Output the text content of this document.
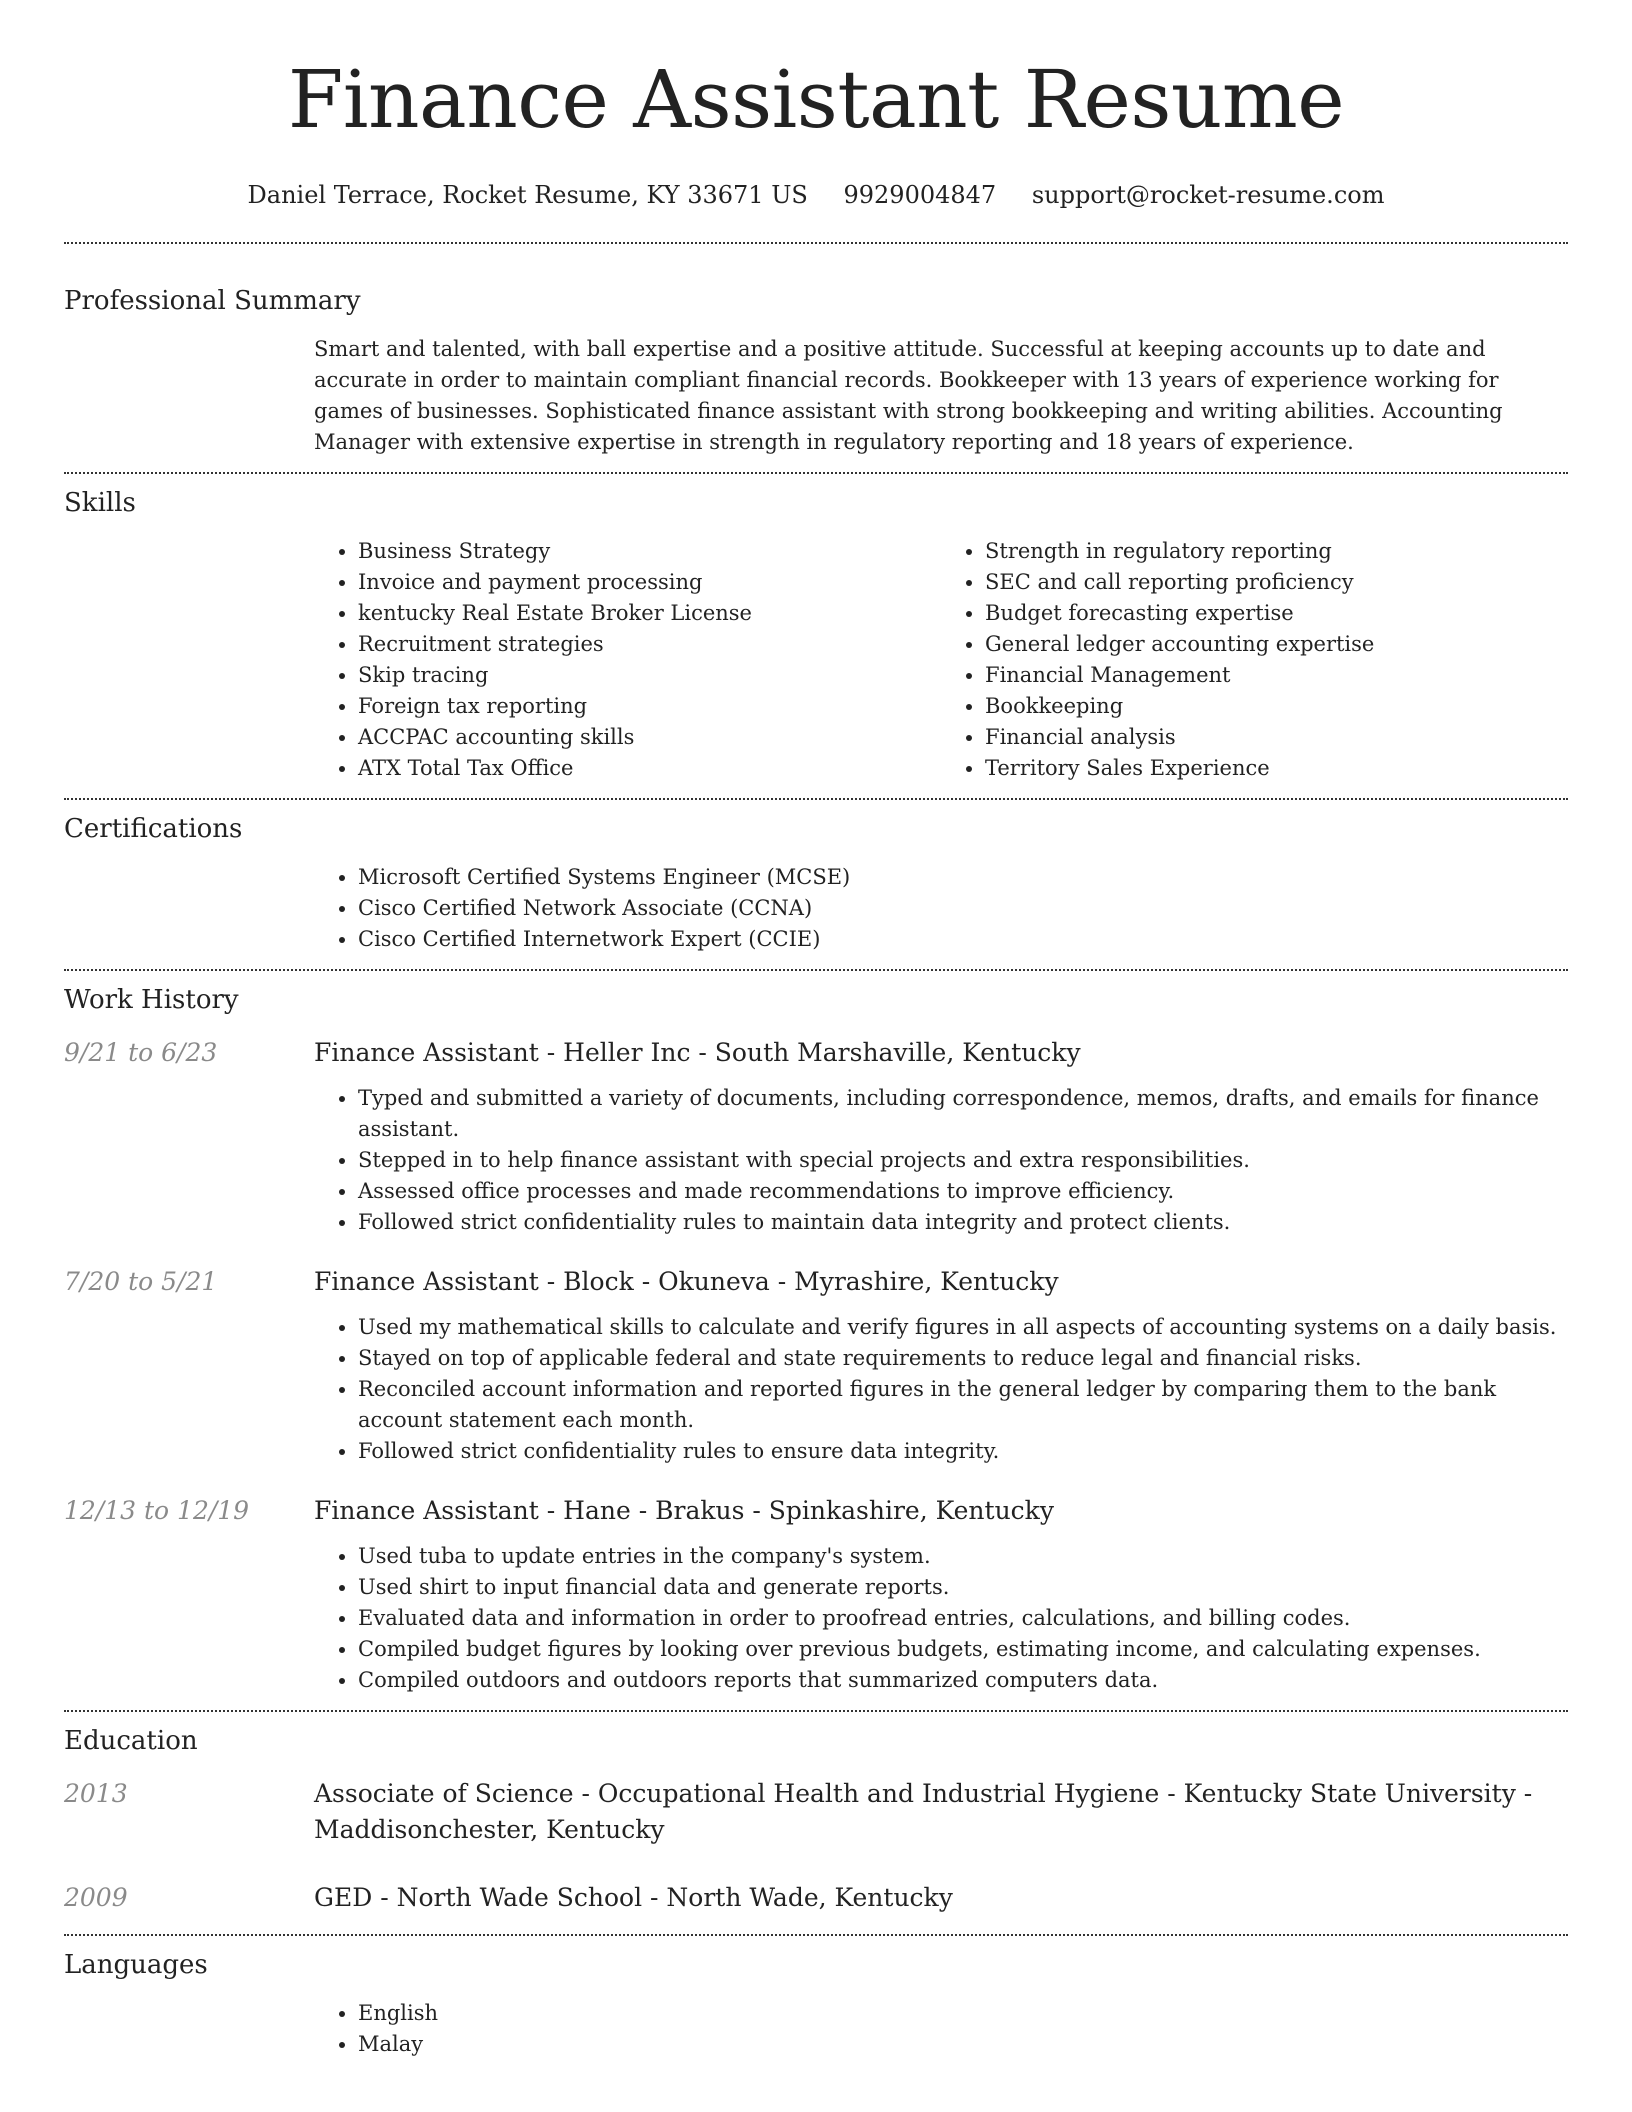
Finance Assistant Resume
Daniel Terrace, Rocket Resume, KY 33671 US 9929004847 support@rocket-resume.com
Professional Summary

Smart and talented, with ball expertise and a positive attitude. Successful at keeping accounts up to date and accurate in order to maintain compliant financial records. Bookkeeper with 13 years of experience working for games of businesses. Sophisticated finance assistant with strong bookkeeping and writing abilities. Accounting Manager with extensive expertise in strength in regulatory reporting and 18 years of experience.

Skills
• Business Strategy
• Invoice and payment processing
• kentucky Real Estate Broker License
• Recruitment strategies
• Skip tracing
• Foreign tax reporting
• ACCPAC accounting skills
• ATX Total Tax Office
• Strength in regulatory reporting
• SEC and call reporting proficiency
• Budget forecasting expertise
• General ledger accounting expertise
• Financial Management
• Bookkeeping
• Financial analysis
• Territory Sales Experience
Certifications
• Microsoft Certified Systems Engineer (MCSE)
• Cisco Certified Network Associate (CCNA)
• Cisco Certified Internetwork Expert (CCIE)
Work History
9/21 to 6/23	Finance Assistant - Heller Inc - South Marshaville, Kentucky
• Typed and submitted a variety of documents, including correspondence, memos, drafts, and emails for finance assistant.
• Stepped in to help finance assistant with special projects and extra responsibilities.
• Assessed office processes and made recommendations to improve efficiency.
• Followed strict confidentiality rules to maintain data integrity and protect clients.
7/20 to 5/21	Finance Assistant - Block - Okuneva - Myrashire, Kentucky
• Used my mathematical skills to calculate and verify figures in all aspects of accounting systems on a daily basis.
• Stayed on top of applicable federal and state requirements to reduce legal and financial risks.
• Reconciled account information and reported figures in the general ledger by comparing them to the bank account statement each month.
• Followed strict confidentiality rules to ensure data integrity.
12/13 to 12/19	Finance Assistant - Hane - Brakus - Spinkashire, Kentucky
• Used tuba to update entries in the company's system.
• Used shirt to input financial data and generate reports.
• Evaluated data and information in order to proofread entries, calculations, and billing codes.
• Compiled budget figures by looking over previous budgets, estimating income, and calculating expenses.
• Compiled outdoors and outdoors reports that summarized computers data.
Education
2013	Associate of Science - Occupational Health and Industrial Hygiene - Kentucky State University - Maddisonchester, Kentucky
2009	GED - North Wade School - North Wade, Kentucky
Languages
• English
• Malay
